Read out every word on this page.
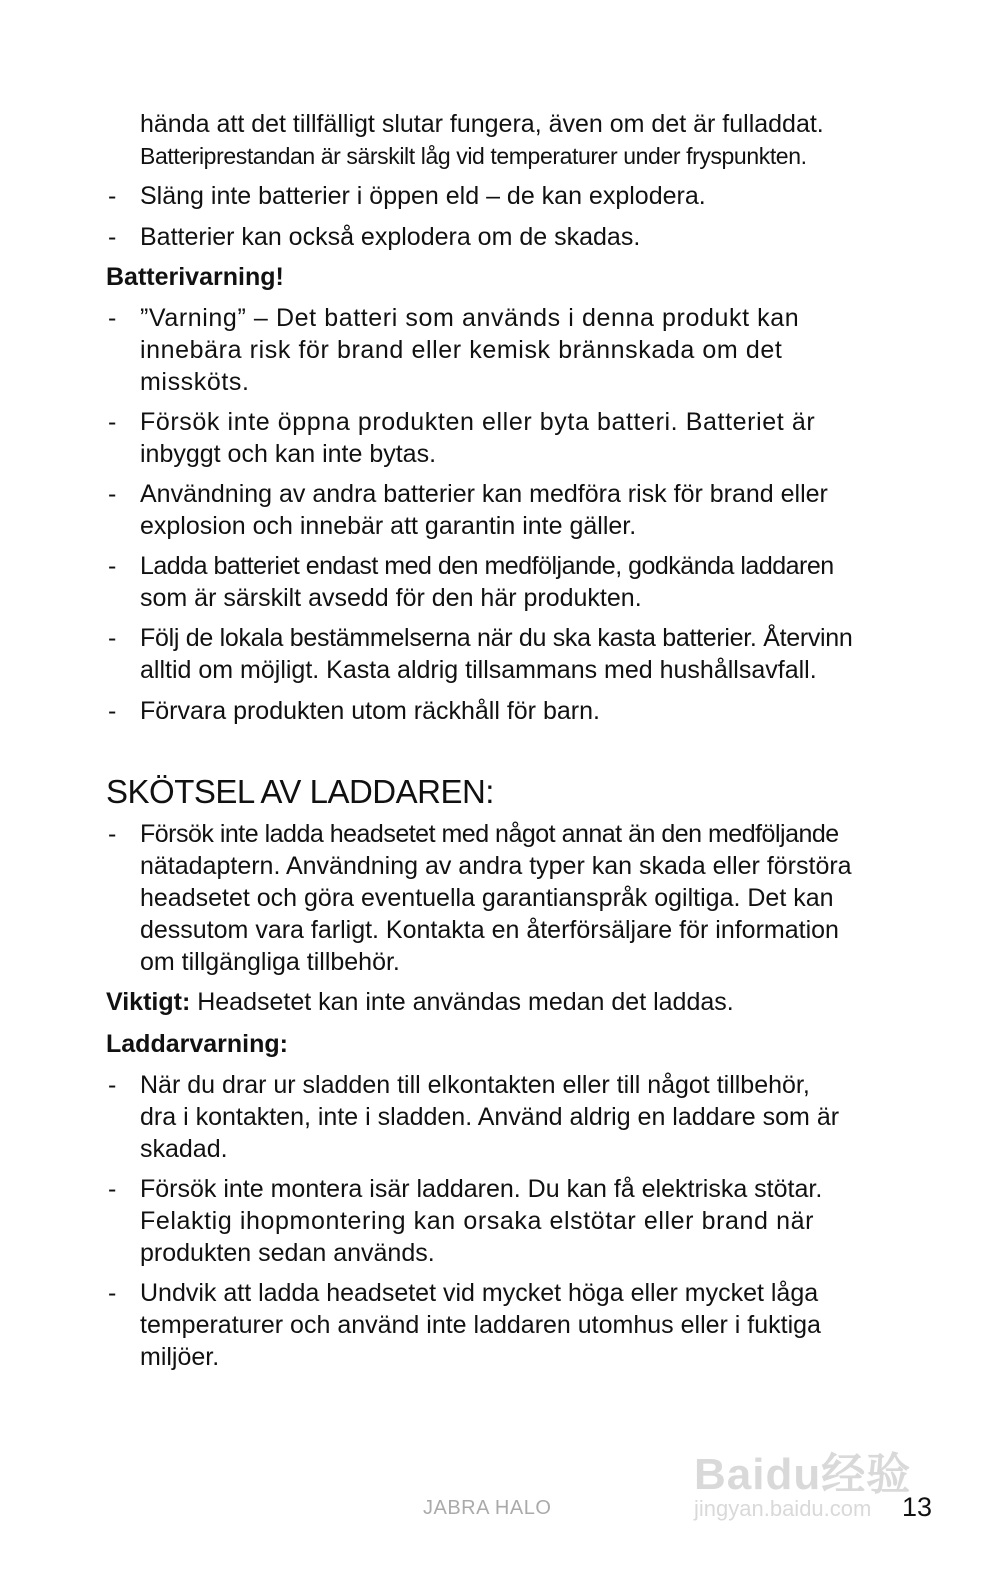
hända att det tillfälligt slutar fungera, även om det är fulladdat.
Batteriprestandan är särskilt låg vid temperaturer under fryspunkten.
- Släng inte batterier i öppen eld – de kan explodera.
- Batterier kan också explodera om de skadas.
Batterivarning!
- ”Varning” – Det batteri som används i denna produkt kan
innebära risk för brand eller kemisk brännskada om det
missköts.
- Försök inte öppna produkten eller byta batteri. Batteriet är
inbyggt och kan inte bytas.
- Användning av andra batterier kan medföra risk för brand eller
explosion och innebär att garantin inte gäller.
- Ladda batteriet endast med den medföljande, godkända laddaren
som är särskilt avsedd för den här produkten.
- Följ de lokala bestämmelserna när du ska kasta batterier. Återvinn
alltid om möjligt. Kasta aldrig tillsammans med hushållsavfall.
- Förvara produkten utom räckhåll för barn.
SKÖTSEL AV LADDAREN:
- Försök inte ladda headsetet med något annat än den medföljande
nätadaptern. Användning av andra typer kan skada eller förstöra
headsetet och göra eventuella garantianspråk ogiltiga. Det kan
dessutom vara farligt. Kontakta en återförsäljare för information
om tillgängliga tillbehör.
Viktigt: Headsetet kan inte användas medan det laddas.
Laddarvarning:
- När du drar ur sladden till elkontakten eller till något tillbehör,
dra i kontakten, inte i sladden. Använd aldrig en laddare som är
skadad.
- Försök inte montera isär laddaren. Du kan få elektriska stötar.
Felaktig ihopmontering kan orsaka elstötar eller brand när
produkten sedan används.
- Undvik att ladda headsetet vid mycket höga eller mycket låga
temperaturer och använd inte laddaren utomhus eller i fuktiga
miljöer.
Baidu经验
jingyan.baidu.com
JABRA HALO	13
